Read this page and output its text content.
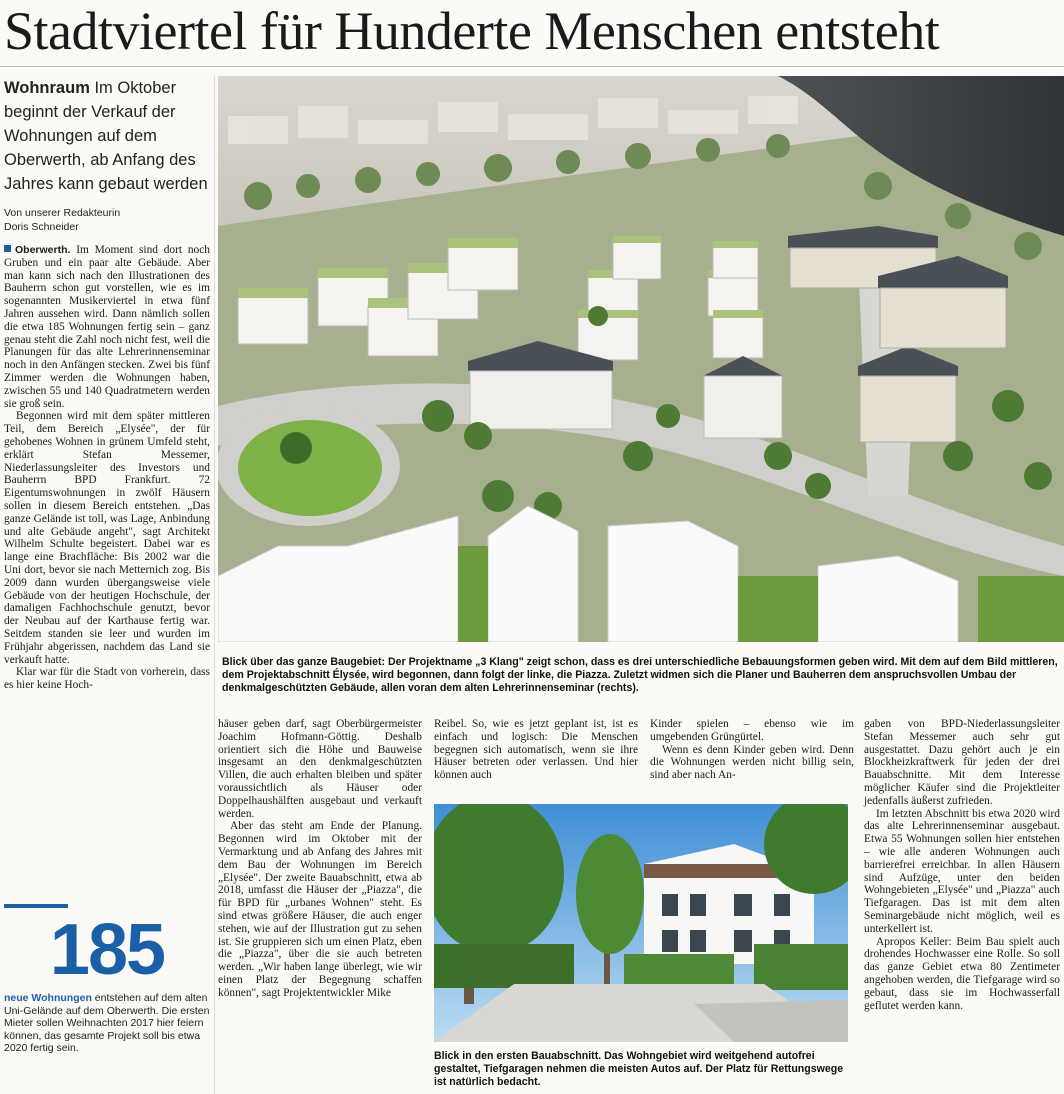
Stadtviertel für Hunderte Menschen entsteht
Wohnraum Im Oktober beginnt der Verkauf der Wohnungen auf dem Oberwerth, ab Anfang des Jahres kann gebaut werden
Von unserer Redakteurin
Doris Schneider

Oberwerth. Im Moment sind dort noch Gruben und ein paar alte Gebäude. Aber man kann sich nach den Illustrationen des Bauherrn schon gut vorstellen, wie es im sogenannten Musikerviertel in etwa fünf Jahren aussehen wird. Dann nämlich sollen die etwa 185 Wohnungen fertig sein – ganz genau steht die Zahl noch nicht fest, weil die Planungen für das alte Lehrerinnenseminar noch in den Anfängen stecken. Zwei bis fünf Zimmer werden die Wohnungen haben, zwischen 55 und 140 Quadratmetern werden sie groß sein.

Begonnen wird mit dem später mittleren Teil, dem Bereich „Elysée", der für gehobenes Wohnen in grünem Umfeld steht, erklärt Stefan Messemer, Niederlassungsleiter des Investors und Bauherrn BPD Frankfurt. 72 Eigentumswohnungen in zwölf Häusern sollen in diesem Bereich entstehen. „Das ganze Gelände ist toll, was Lage, Anbindung und alte Gebäude angeht", sagt Architekt Wilhelm Schulte begeistert. Dabei war es lange eine Brachfläche: Bis 2002 war die Uni dort, bevor sie nach Metternich zog. Bis 2009 dann wurden übergangsweise viele Gebäude von der heutigen Hochschule, der damaligen Fachhochschule genutzt, bevor der Neubau auf der Karthause fertig war. Seitdem standen sie leer und wurden im Frühjahr abgerissen, nachdem das Land sie verkauft hatte.

Klar war für die Stadt von vorherein, dass es hier keine Hoch-

185
neue Wohnungen entstehen auf dem alten Uni-Gelände auf dem Oberwerth. Die ersten Mieter sollen Weihnachten 2017 hier feiern können, das gesamte Projekt soll bis etwa 2020 fertig sein.
Blick über das ganze Baugebiet: Der Projektname „3 Klang" zeigt schon, dass es drei unterschiedliche Bebauungsformen geben wird. Mit dem auf dem Bild mittleren, dem Projektabschnitt Élysée, wird begonnen, dann folgt der linke, die Piazza. Zuletzt widmen sich die Planer und Bauherren dem anspruchsvollen Umbau der denkmalgeschützten Gebäude, allen voran dem alten Lehrerinnenseminar (rechts).

häuser geben darf, sagt Oberbürgermeister Joachim Hofmann-Göttig. Deshalb orientiert sich die Höhe und Bauweise insgesamt an den denkmalgeschützten Villen, die auch erhalten bleiben und später voraussichtlich als Häuser oder Doppelhaushälften ausgebaut und verkauft werden.

Aber das steht am Ende der Planung. Begonnen wird im Oktober mit der Vermarktung und ab Anfang des Jahres mit dem Bau der Wohnungen im Bereich „Elysée". Der zweite Bauabschnitt, etwa ab 2018, umfasst die Häuser der „Piazza", die für BPD für „urbanes Wohnen" steht. Es sind etwas größere Häuser, die auch enger stehen, wie auf der Illustration gut zu sehen ist. Sie gruppieren sich um einen Platz, eben die „Piazza", über die sie auch betreten werden. „Wir haben lange überlegt, wie wir einen Platz der Begegnung schaffen können", sagt Projektentwickler Mike

Reibel. So, wie es jetzt geplant ist, ist es einfach und logisch: Die Menschen begegnen sich automatisch, wenn sie ihre Häuser betreten oder verlassen. Und hier können auch

Kinder spielen – ebenso wie im umgebenden Grüngürtel.

Wenn es denn Kinder geben wird. Denn die Wohnungen werden nicht billig sein, sind aber nach An-

gaben von BPD-Niederlassungsleiter Stefan Messemer auch sehr gut ausgestattet. Dazu gehört auch je ein Blockheizkraftwerk für jeden der drei Bauabschnitte. Mit dem Interesse möglicher Käufer sind die Projektleiter jedenfalls äußerst zufrieden.

Im letzten Abschnitt bis etwa 2020 wird das alte Lehrerinnenseminar ausgebaut. Etwa 55 Wohnungen sollen hier entstehen – wie alle anderen Wohnungen auch barrierefrei erreichbar. In allen Häusern sind Aufzüge, unter den beiden Wohngebieten „Elysée" und „Piazza" auch Tiefgaragen. Das ist mit dem alten Seminargebäude nicht möglich, weil es unterkellert ist.

Apropos Keller: Beim Bau spielt auch drohendes Hochwasser eine Rolle. So soll das ganze Gebiet etwa 80 Zentimeter angehoben werden, die Tiefgarage wird so gebaut, dass sie im Hochwasserfall geflutet werden kann.

Blick in den ersten Bauabschnitt. Das Wohngebiet wird weitgehend autofrei gestaltet, Tiefgaragen nehmen die meisten Autos auf. Der Platz für Rettungswege ist natürlich bedacht.
